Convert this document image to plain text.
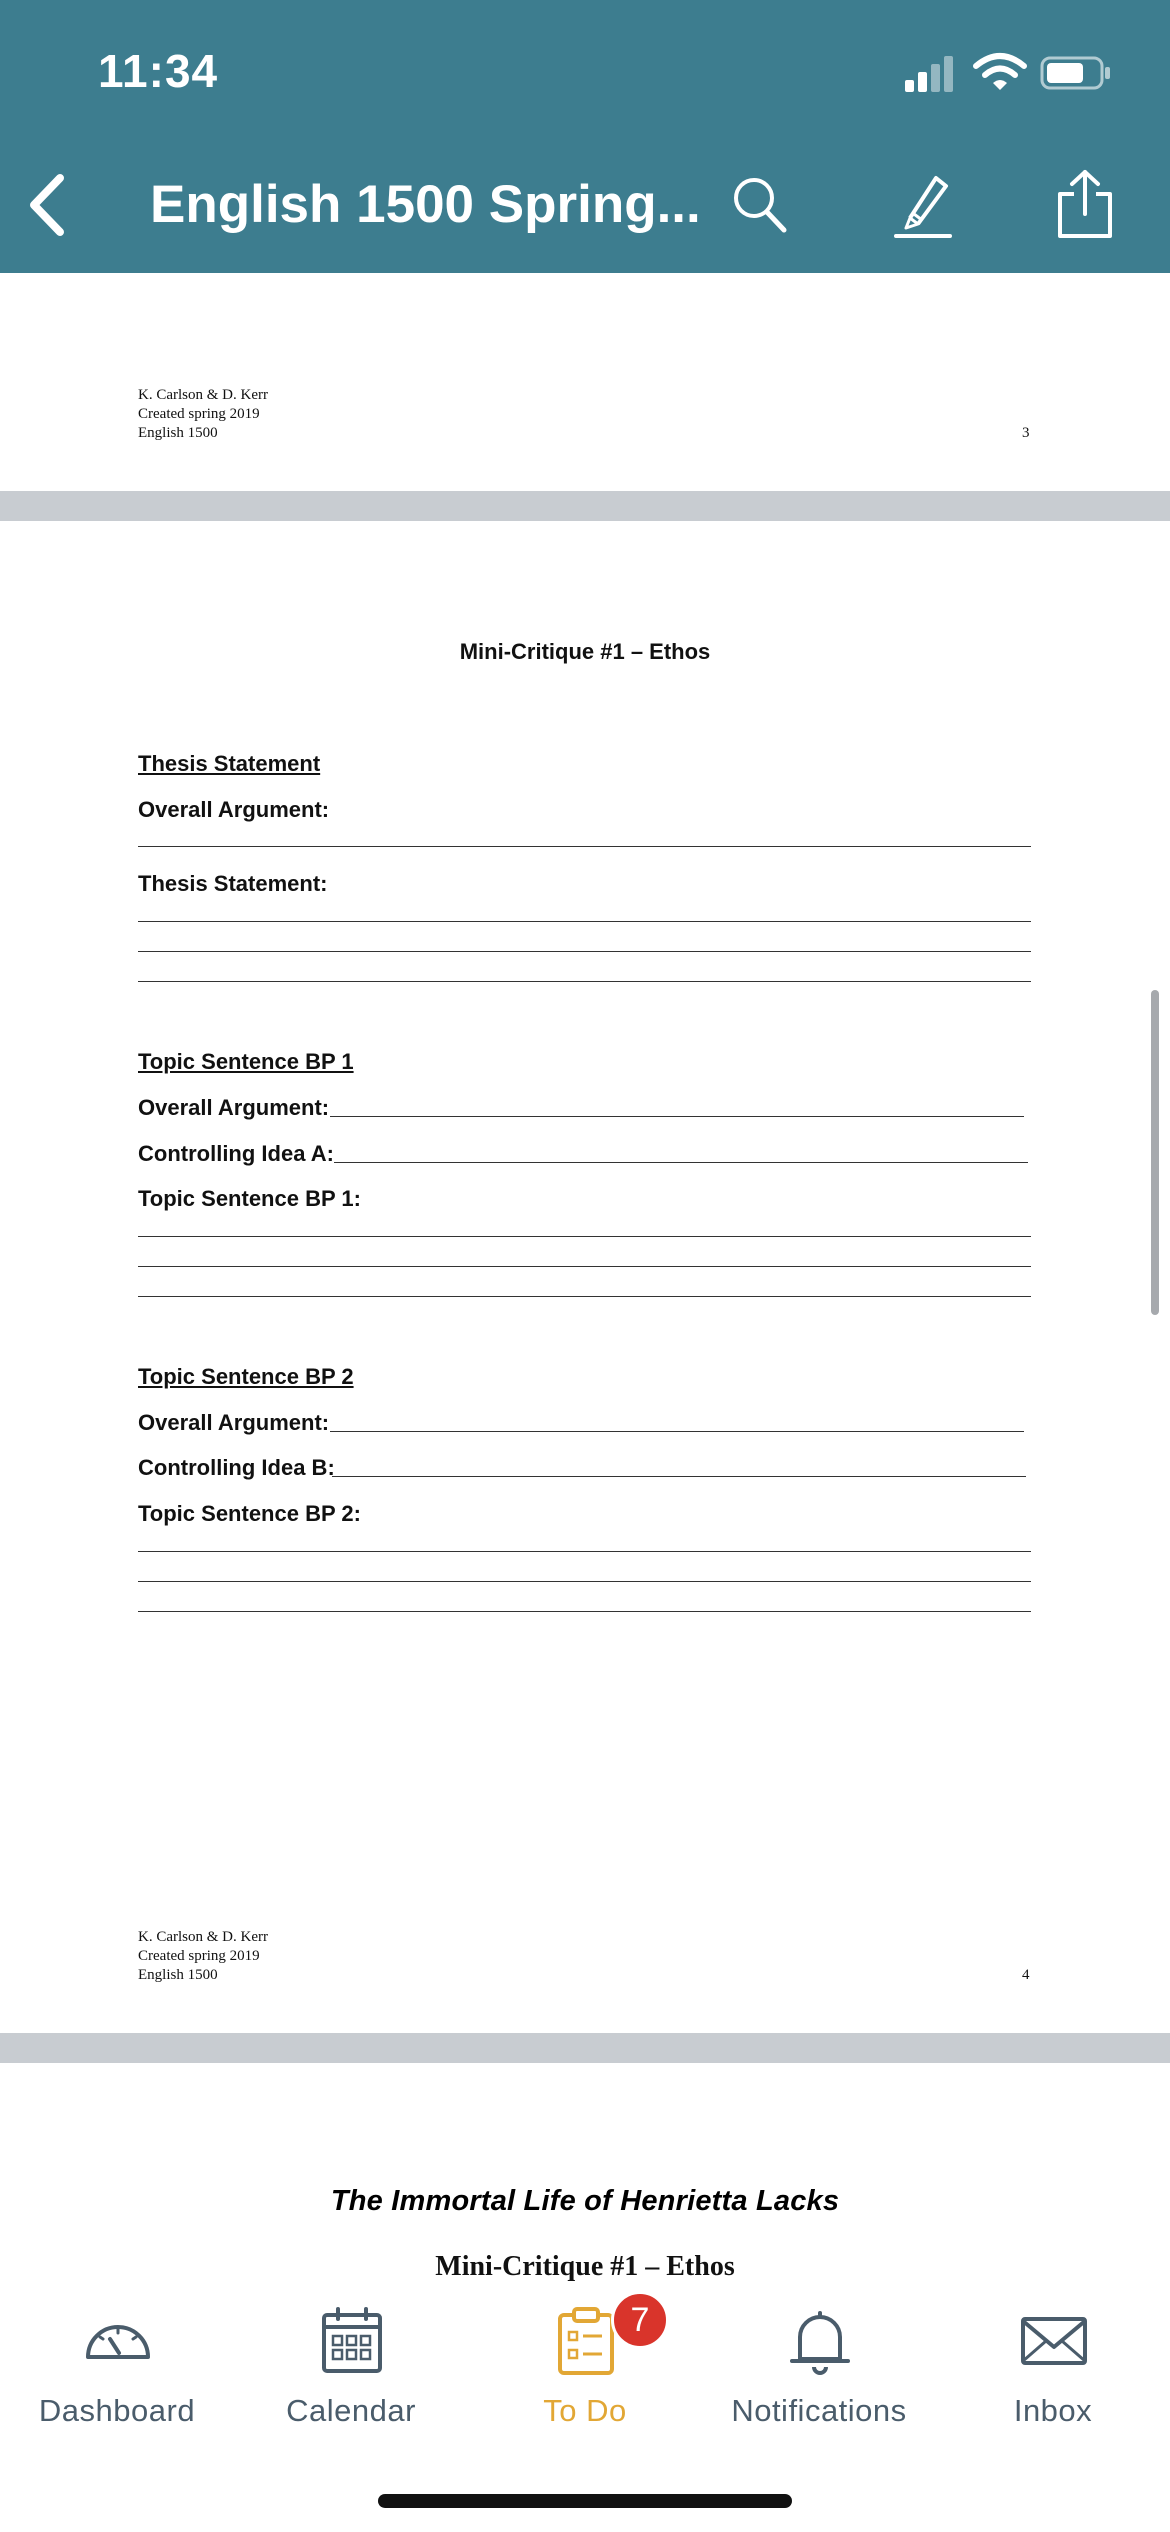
11:34
English 1500 Spring...
K. Carlson & D. Kerr
Created spring 2019
English 1500	3
Mini-Critique #1 – Ethos
Thesis Statement
Overall Argument:
Thesis Statement:
Topic Sentence BP 1
Overall Argument:
Controlling Idea A:
Topic Sentence BP 1:
Topic Sentence BP 2
Overall Argument:
Controlling Idea B:
Topic Sentence BP 2:
K. Carlson & D. Kerr
Created spring 2019
English 1500	4
The Immortal Life of Henrietta Lacks
Mini-Critique #1 – Ethos
Dashboard	Calendar
7
To Do	Notifications	Inbox
